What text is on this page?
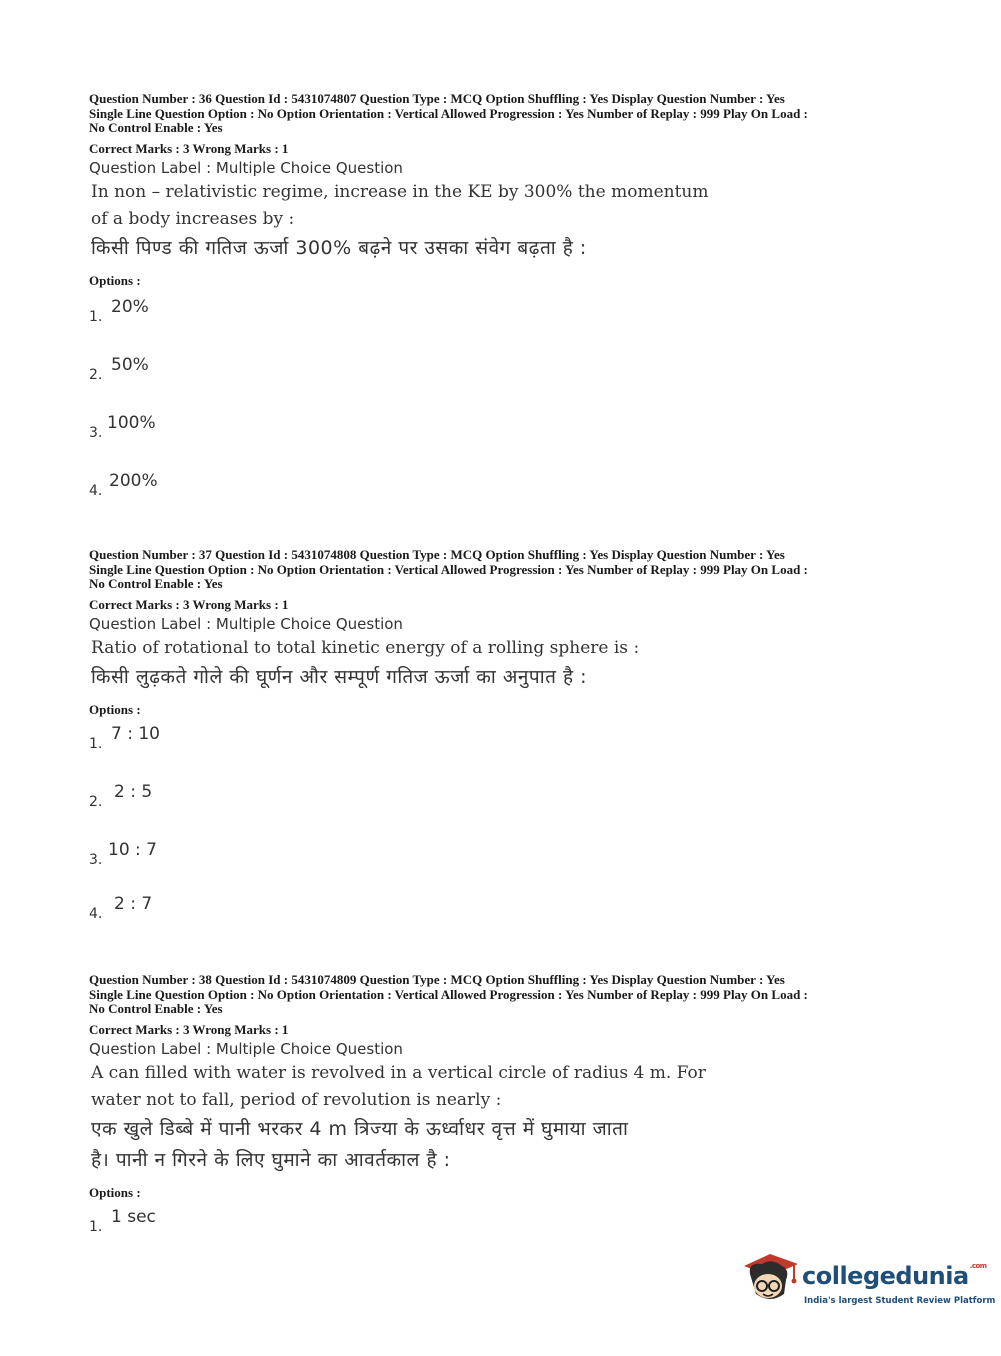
Question Number : 36 Question Id : 5431074807 Question Type : MCQ Option Shuffling : Yes Display Question Number : Yes
Single Line Question Option : No Option Orientation : Vertical Allowed Progression : Yes Number of Replay : 999 Play On Load :
No Control Enable : Yes
Correct Marks : 3 Wrong Marks : 1
Question Label : Multiple Choice Question
In non – relativistic regime, increase in the KE by 300% the momentum
of a body increases by :
किसी पिण्ड की गतिज ऊर्जा 300% बढ़ने पर उसका संवेग बढ़ता है :
Options :
1. 20%
2. 50%
3. 100%
4. 200%
Question Number : 37 Question Id : 5431074808 Question Type : MCQ Option Shuffling : Yes Display Question Number : Yes
Single Line Question Option : No Option Orientation : Vertical Allowed Progression : Yes Number of Replay : 999 Play On Load :
No Control Enable : Yes
Correct Marks : 3 Wrong Marks : 1
Question Label : Multiple Choice Question
Ratio of rotational to total kinetic energy of a rolling sphere is :
किसी लुढ़कते गोले की घूर्णन और सम्पूर्ण गतिज ऊर्जा का अनुपात है :
Options :
1. 7 : 10
2. 2 : 5
3. 10 : 7
4. 2 : 7
Question Number : 38 Question Id : 5431074809 Question Type : MCQ Option Shuffling : Yes Display Question Number : Yes
Single Line Question Option : No Option Orientation : Vertical Allowed Progression : Yes Number of Replay : 999 Play On Load :
No Control Enable : Yes
Correct Marks : 3 Wrong Marks : 1
Question Label : Multiple Choice Question
A can filled with water is revolved in a vertical circle of radius 4 m. For
water not to fall, period of revolution is nearly :
एक खुले डिब्बे में पानी भरकर 4 m त्रिज्या के ऊर्ध्वाधर वृत्त में घुमाया जाता
है। पानी न गिरने के लिए घुमाने का आवर्तकाल है :
Options :
1. 1 sec
collegedunia$^{.com}$
India's largest Student Review Platform
